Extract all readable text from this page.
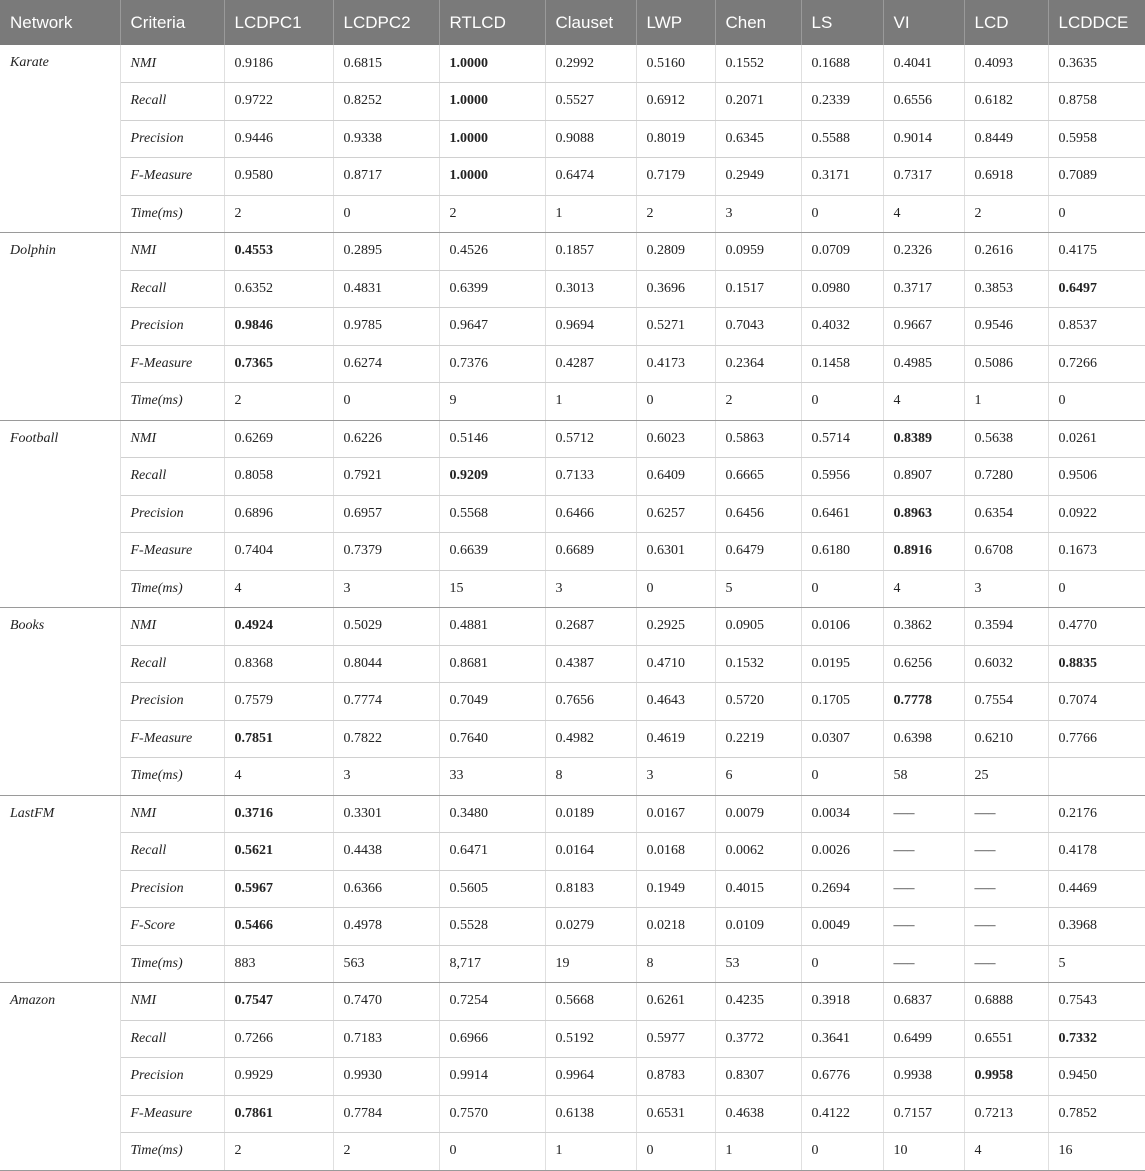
Network	Criteria	LCDPC1	LCDPC2	RTLCD	Clauset	LWP	Chen	LS	VI	LCD	LCDDCE
Karate	NMI	0.9186	0.6815	1.0000	0.2992	0.5160	0.1552	0.1688	0.4041	0.4093	0.3635
	Recall	0.9722	0.8252	1.0000	0.5527	0.6912	0.2071	0.2339	0.6556	0.6182	0.8758
	Precision	0.9446	0.9338	1.0000	0.9088	0.8019	0.6345	0.5588	0.9014	0.8449	0.5958
	F-Measure	0.9580	0.8717	1.0000	0.6474	0.7179	0.2949	0.3171	0.7317	0.6918	0.7089
	Time(ms)	2	0	2	1	2	3	0	4	2	0
Dolphin	NMI	0.4553	0.2895	0.4526	0.1857	0.2809	0.0959	0.0709	0.2326	0.2616	0.4175
	Recall	0.6352	0.4831	0.6399	0.3013	0.3696	0.1517	0.0980	0.3717	0.3853	0.6497
	Precision	0.9846	0.9785	0.9647	0.9694	0.5271	0.7043	0.4032	0.9667	0.9546	0.8537
	F-Measure	0.7365	0.6274	0.7376	0.4287	0.4173	0.2364	0.1458	0.4985	0.5086	0.7266
	Time(ms)	2	0	9	1	0	2	0	4	1	0
Football	NMI	0.6269	0.6226	0.5146	0.5712	0.6023	0.5863	0.5714	0.8389	0.5638	0.0261
	Recall	0.8058	0.7921	0.9209	0.7133	0.6409	0.6665	0.5956	0.8907	0.7280	0.9506
	Precision	0.6896	0.6957	0.5568	0.6466	0.6257	0.6456	0.6461	0.8963	0.6354	0.0922
	F-Measure	0.7404	0.7379	0.6639	0.6689	0.6301	0.6479	0.6180	0.8916	0.6708	0.1673
	Time(ms)	4	3	15	3	0	5	0	4	3	0
Books	NMI	0.4924	0.5029	0.4881	0.2687	0.2925	0.0905	0.0106	0.3862	0.3594	0.4770
	Recall	0.8368	0.8044	0.8681	0.4387	0.4710	0.1532	0.0195	0.6256	0.6032	0.8835
	Precision	0.7579	0.7774	0.7049	0.7656	0.4643	0.5720	0.1705	0.7778	0.7554	0.7074
	F-Measure	0.7851	0.7822	0.7640	0.4982	0.4619	0.2219	0.0307	0.6398	0.6210	0.7766
	Time(ms)	4	3	33	8	3	6	0	58	25	
LastFM	NMI	0.3716	0.3301	0.3480	0.0189	0.0167	0.0079	0.0034	—–	—–	0.2176
	Recall	0.5621	0.4438	0.6471	0.0164	0.0168	0.0062	0.0026	—–	—–	0.4178
	Precision	0.5967	0.6366	0.5605	0.8183	0.1949	0.4015	0.2694	—–	—–	0.4469
	F-Score	0.5466	0.4978	0.5528	0.0279	0.0218	0.0109	0.0049	—–	—–	0.3968
	Time(ms)	883	563	8,717	19	8	53	0	—–	—–	5
Amazon	NMI	0.7547	0.7470	0.7254	0.5668	0.6261	0.4235	0.3918	0.6837	0.6888	0.7543
	Recall	0.7266	0.7183	0.6966	0.5192	0.5977	0.3772	0.3641	0.6499	0.6551	0.7332
	Precision	0.9929	0.9930	0.9914	0.9964	0.8783	0.8307	0.6776	0.9938	0.9958	0.9450
	F-Measure	0.7861	0.7784	0.7570	0.6138	0.6531	0.4638	0.4122	0.7157	0.7213	0.7852
	Time(ms)	2	2	0	1	0	1	0	10	4	16
